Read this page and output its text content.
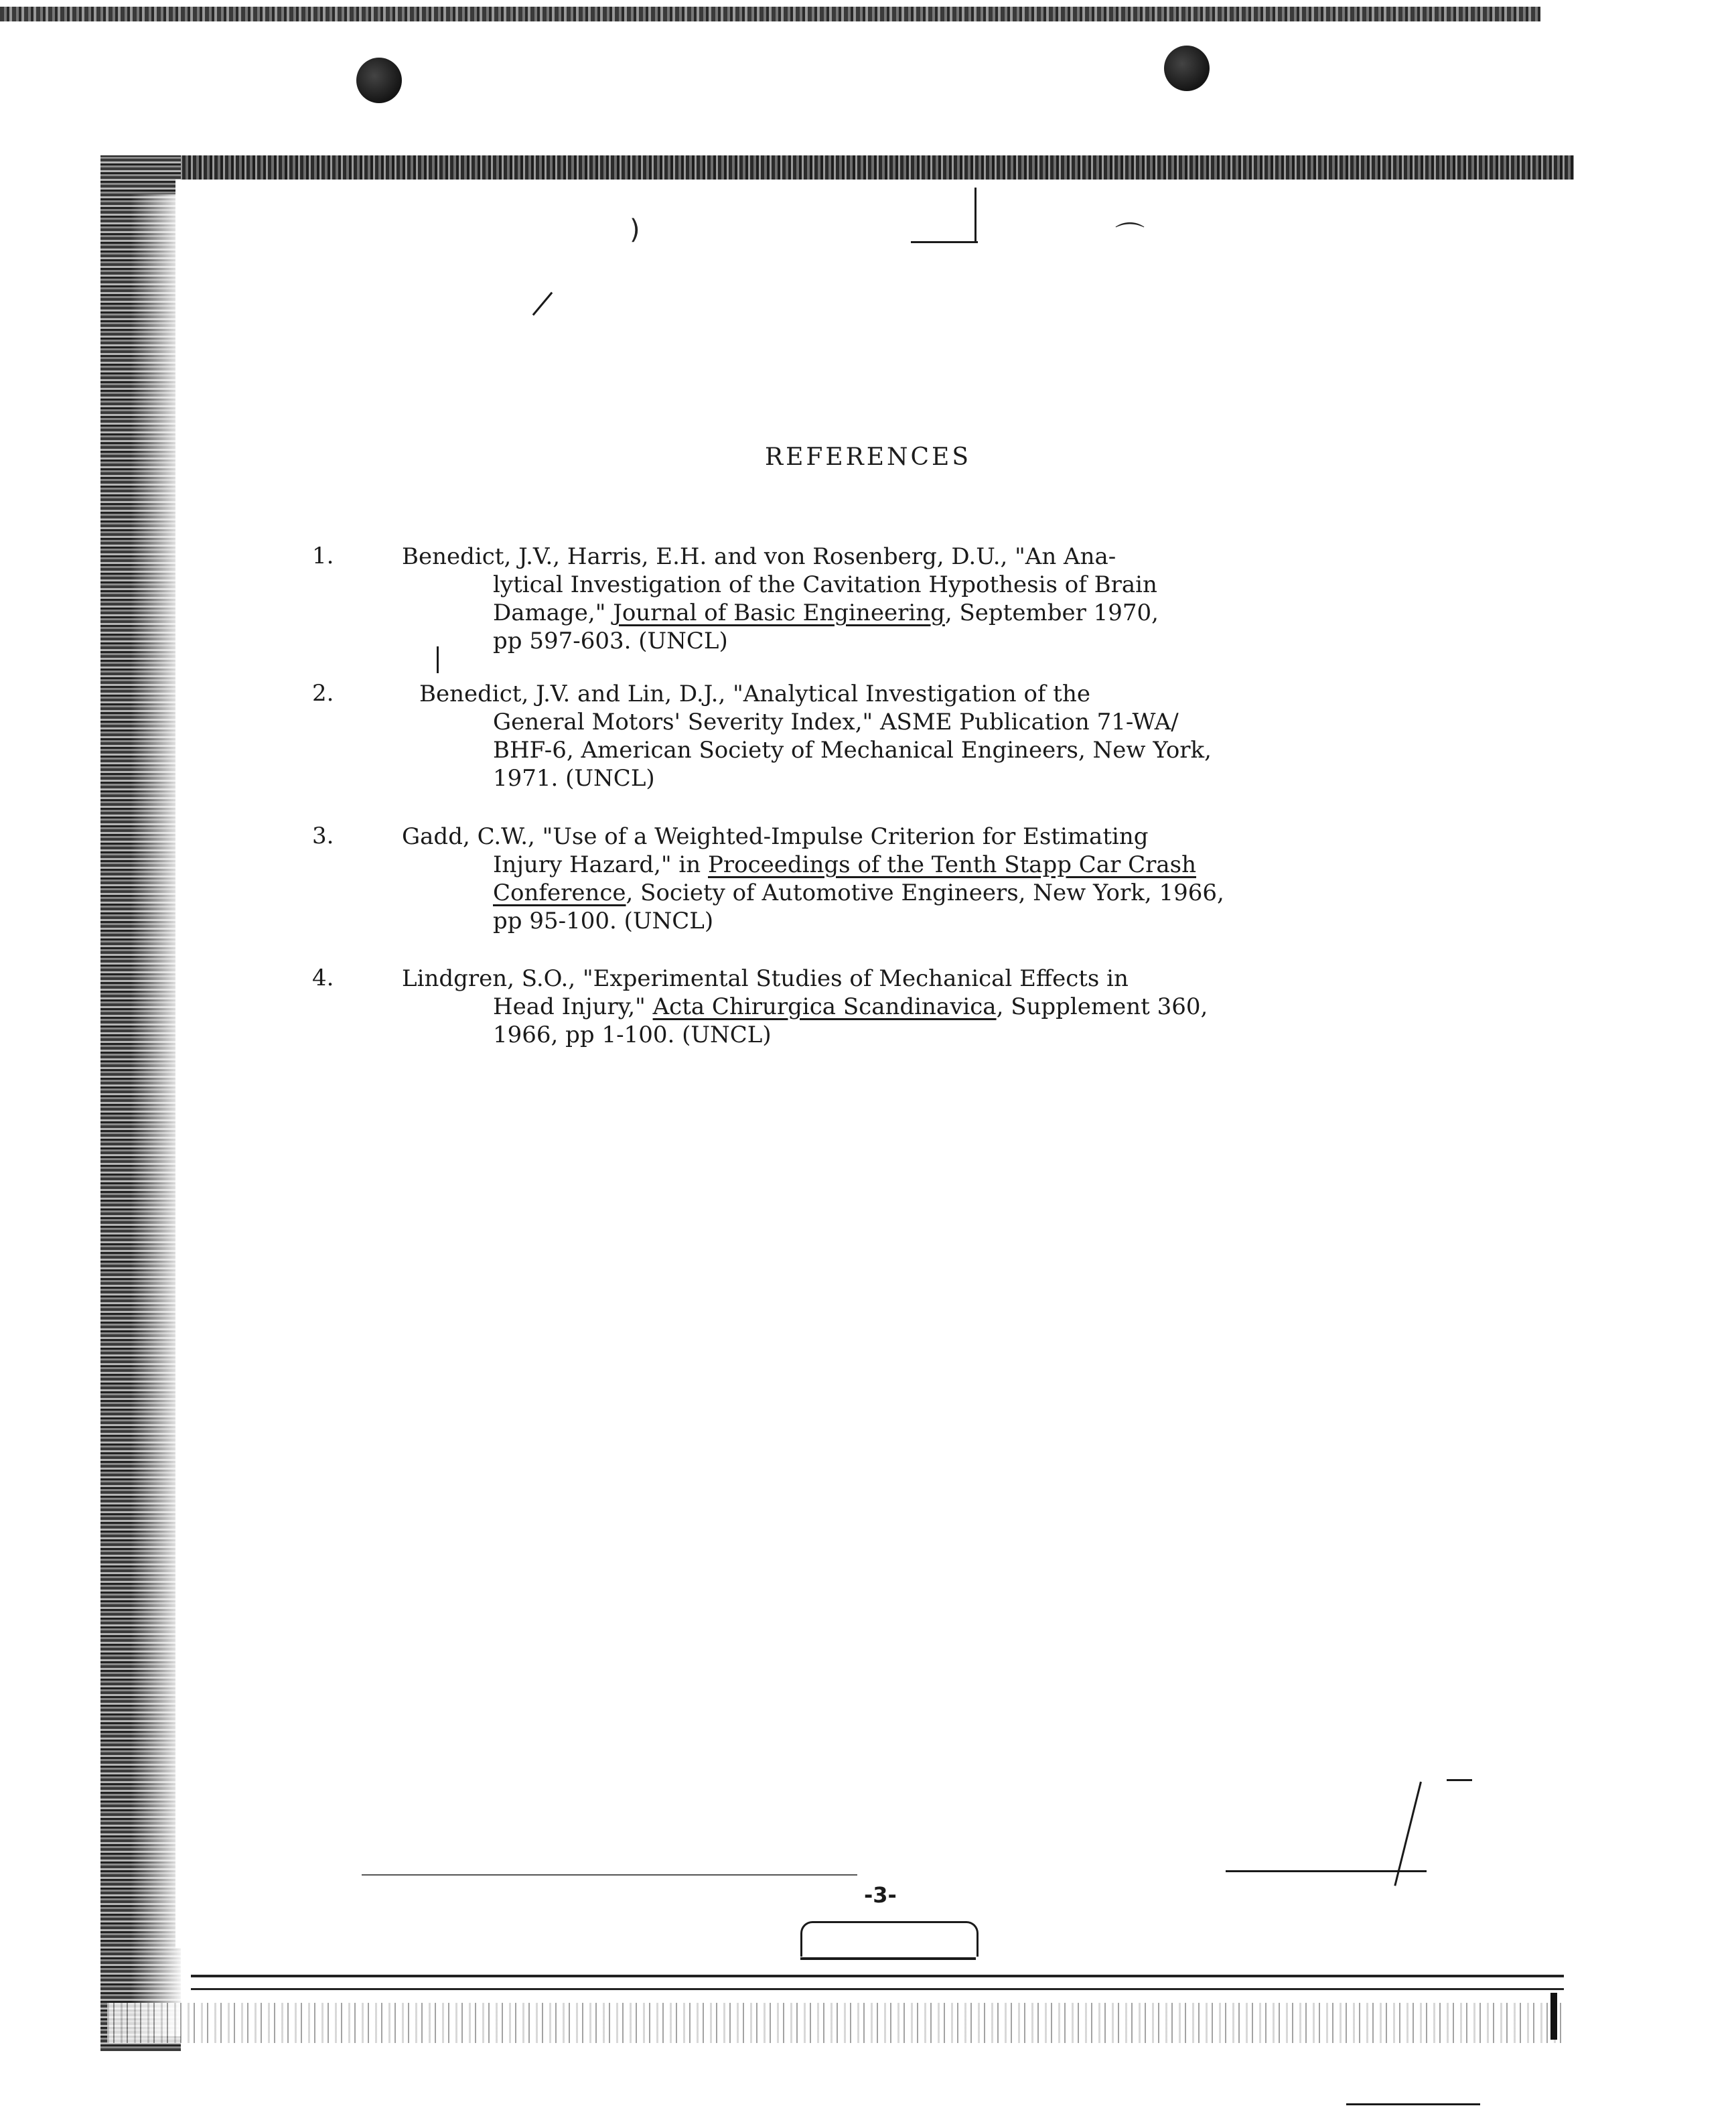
)	⌒
REFERENCES
1.	Benedict, J.V., Harris, E.H. and von Rosenberg, D.U., "An Ana-
lytical Investigation of the Cavitation Hypothesis of Brain
Damage," Journal of Basic Engineering, September 1970,
pp 597-603. (UNCL)
2.	Benedict, J.V. and Lin, D.J., "Analytical Investigation of the
General Motors' Severity Index," ASME Publication 71-WA/
BHF-6, American Society of Mechanical Engineers, New York,
1971. (UNCL)
3.	Gadd, C.W., "Use of a Weighted-Impulse Criterion for Estimating
Injury Hazard," in Proceedings of the Tenth Stapp Car Crash
Conference, Society of Automotive Engineers, New York, 1966,
pp 95-100. (UNCL)
4.	Lindgren, S.O., "Experimental Studies of Mechanical Effects in
Head Injury," Acta Chirurgica Scandinavica, Supplement 360,
1966, pp 1-100. (UNCL)
-3-
